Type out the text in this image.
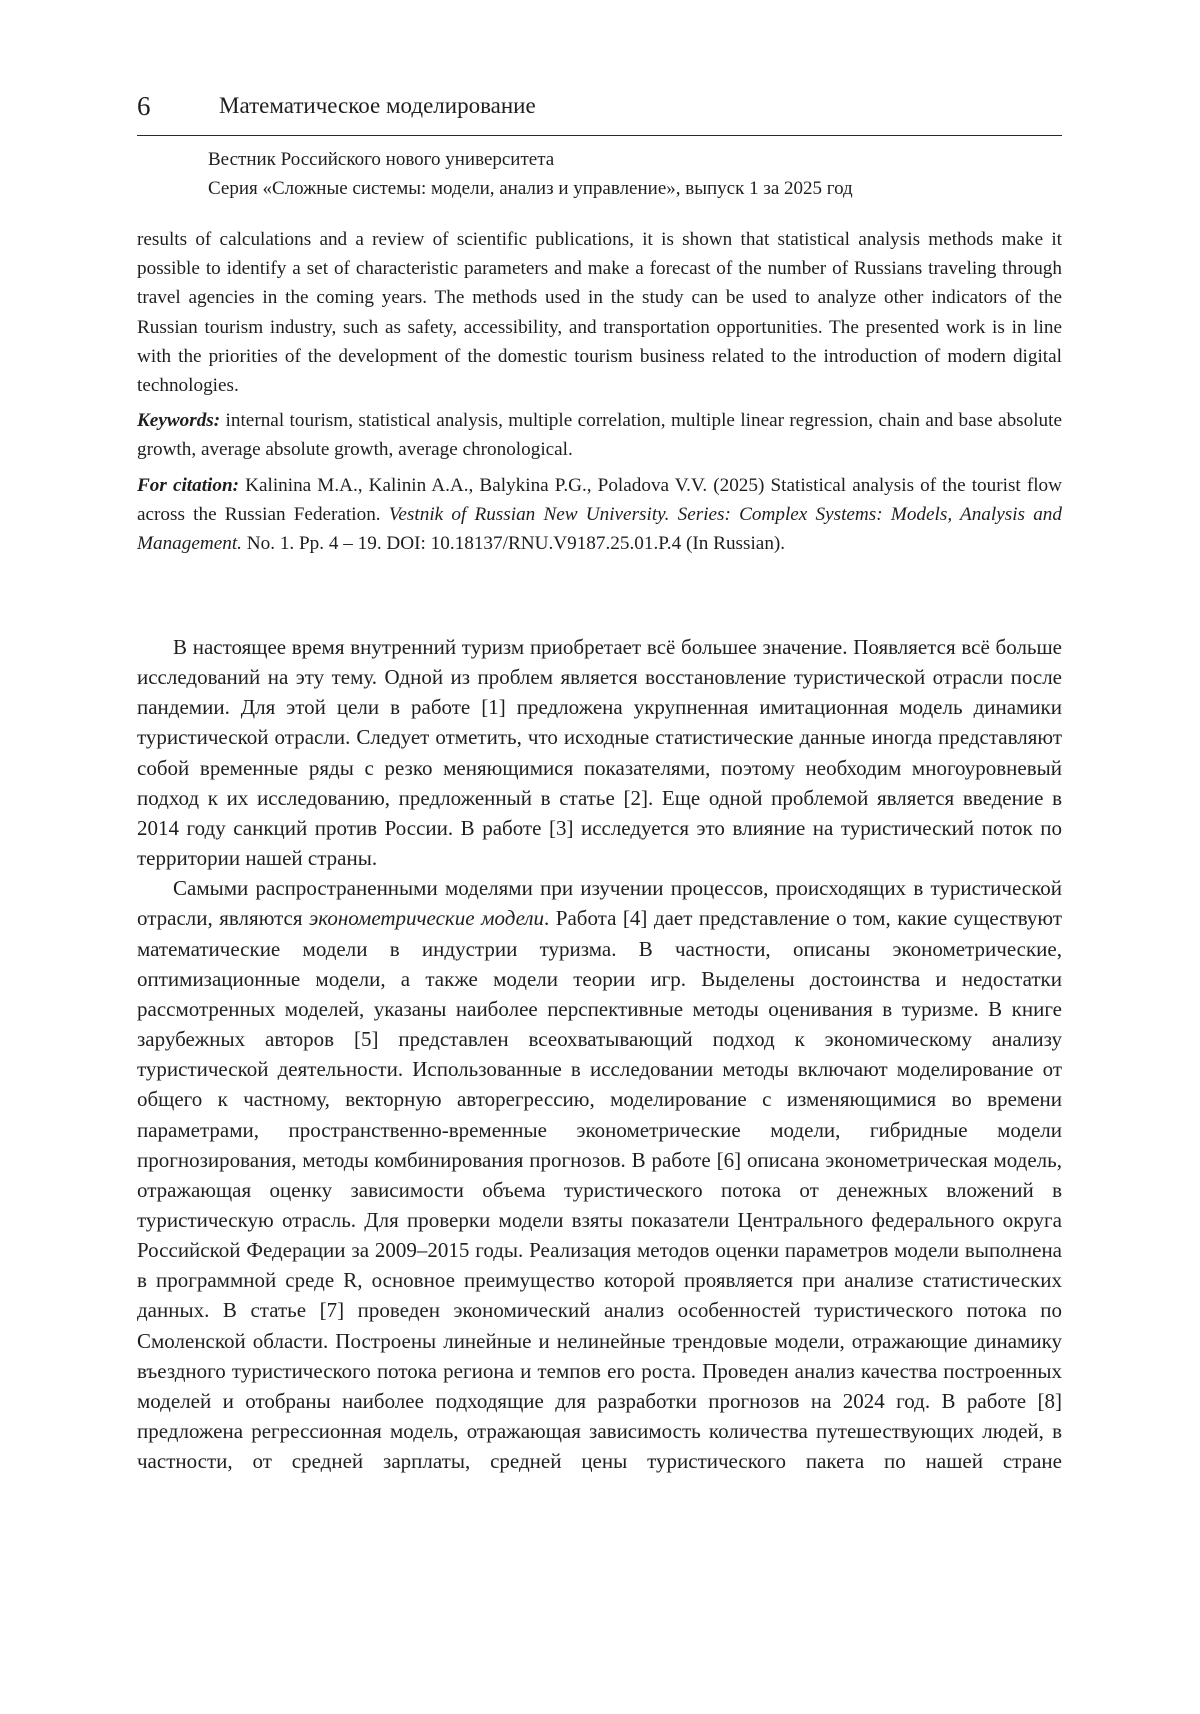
6	Математическое моделирование
Вестник Российского нового университета
Серия «Сложные системы: модели, анализ и управление», выпуск 1 за 2025 год

results of calculations and a review of scientific publications, it is shown that statistical analysis methods make it possible to identify a set of characteristic parameters and make a forecast of the number of Russians traveling through travel agencies in the coming years. The methods used in the study can be used to analyze other indicators of the Russian tourism industry, such as safety, accessibility, and transportation opportunities. The presented work is in line with the priorities of the development of the domestic tourism business related to the introduction of modern digital technologies.

Keywords: internal tourism, statistical analysis, multiple correlation, multiple linear regression, chain and base absolute growth, average absolute growth, average chronological.

For citation: Kalinina M.A., Kalinin A.A., Balykina P.G., Poladova V.V. (2025) Statistical analysis of the tourist flow across the Russian Federation. Vestnik of Russian New University. Series: Complex Systems: Models, Analysis and Management. No. 1. Pp. 4 – 19. DOI: 10.18137/RNU.V9187.25.01.P.4 (In Russian).

В настоящее время внутренний туризм приобретает всё большее значение. Появляется всё больше исследований на эту тему. Одной из проблем является восстановление туристической отрасли после пандемии. Для этой цели в работе [1] предложена укрупненная имитационная модель динамики туристической отрасли. Следует отметить, что исходные статистические данные иногда представляют собой временные ряды с резко меняющимися показателями, поэтому необходим многоуровневый подход к их исследованию, предложенный в статье [2]. Еще одной проблемой является введение в 2014 году санкций против России. В работе [3] исследуется это влияние на туристический поток по территории нашей страны.

Самыми распространенными моделями при изучении процессов, происходящих в туристической отрасли, являются эконометрические модели. Работа [4] дает представление о том, какие существуют математические модели в индустрии туризма. В частности, описаны эконометрические, оптимизационные модели, а также модели теории игр. Выделены достоинства и недостатки рассмотренных моделей, указаны наиболее перспективные методы оценивания в туризме. В книге зарубежных авторов [5] представлен всеохватывающий подход к экономическому анализу туристической деятельности. Использованные в исследовании методы включают моделирование от общего к частному, векторную авторегрессию, моделирование с изменяющимися во времени параметрами, пространственно-временные эконометрические модели, гибридные модели прогнозирования, методы комбинирования прогнозов. В работе [6] описана эконометрическая модель, отражающая оценку зависимости объема туристического потока от денежных вложений в туристическую отрасль. Для проверки модели взяты показатели Центрального федерального округа Российской Федерации за 2009–2015 годы. Реализация методов оценки параметров модели выполнена в программной среде R, основное преимущество которой проявляется при анализе статистических данных. В статье [7] проведен экономический анализ особенностей туристического потока по Смоленской области. Построены линейные и нелинейные трендовые модели, отражающие динамику въездного туристического потока региона и темпов его роста. Проведен анализ качества построенных моделей и отобраны наиболее подходящие для разработки прогнозов на 2024 год. В работе [8] предложена регрессионная модель, отражающая зависимость количества путешествующих людей, в частности, от средней зарплаты, средней цены туристического пакета по нашей стране
